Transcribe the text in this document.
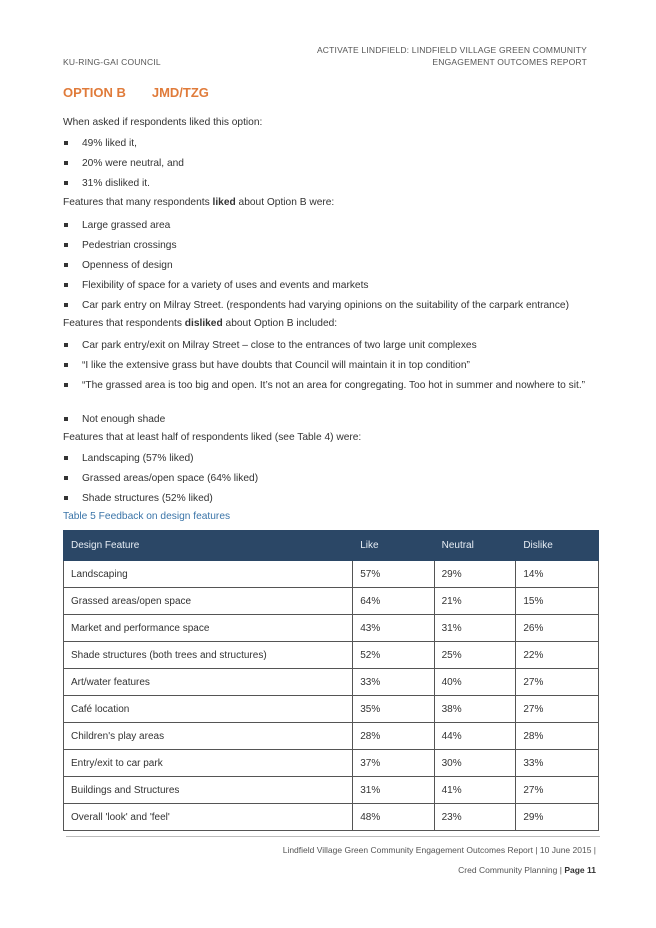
KU-RING-GAI COUNCIL
ACTIVATE LINDFIELD: LINDFIELD VILLAGE GREEN COMMUNITY
ENGAGEMENT OUTCOMES REPORT
OPTION B JMD/TZG
When asked if respondents liked this option:
49% liked it,
20% were neutral, and
31% disliked it.
Features that many respondents liked about Option B were:
Large grassed area
Pedestrian crossings
Openness of design
Flexibility of space for a variety of uses and events and markets
Car park entry on Milray Street. (respondents had varying opinions on the suitability of the carpark entrance)
Features that respondents disliked about Option B included:
Car park entry/exit on Milray Street – close to the entrances of two large unit complexes
“I like the extensive grass but have doubts that Council will maintain it in top condition”
“The grassed area is too big and open. It’s not an area for congregating. Too hot in summer and nowhere to sit.”
Not enough shade
Features that at least half of respondents liked (see Table 4) were:
Landscaping (57% liked)
Grassed areas/open space (64% liked)
Shade structures (52% liked)
Table 5 Feedback on design features
Design Feature	Like	Neutral	Dislike
Landscaping	57%	29%	14%
Grassed areas/open space	64%	21%	15%
Market and performance space	43%	31%	26%
Shade structures (both trees and structures)	52%	25%	22%
Art/water features	33%	40%	27%
Café location	35%	38%	27%
Children's play areas	28%	44%	28%
Entry/exit to car park	37%	30%	33%
Buildings and Structures	31%	41%	27%
Overall 'look' and 'feel'	48%	23%	29%
Lindfield Village Green Community Engagement Outcomes Report | 10 June 2015 |
Cred Community Planning | Page 11
